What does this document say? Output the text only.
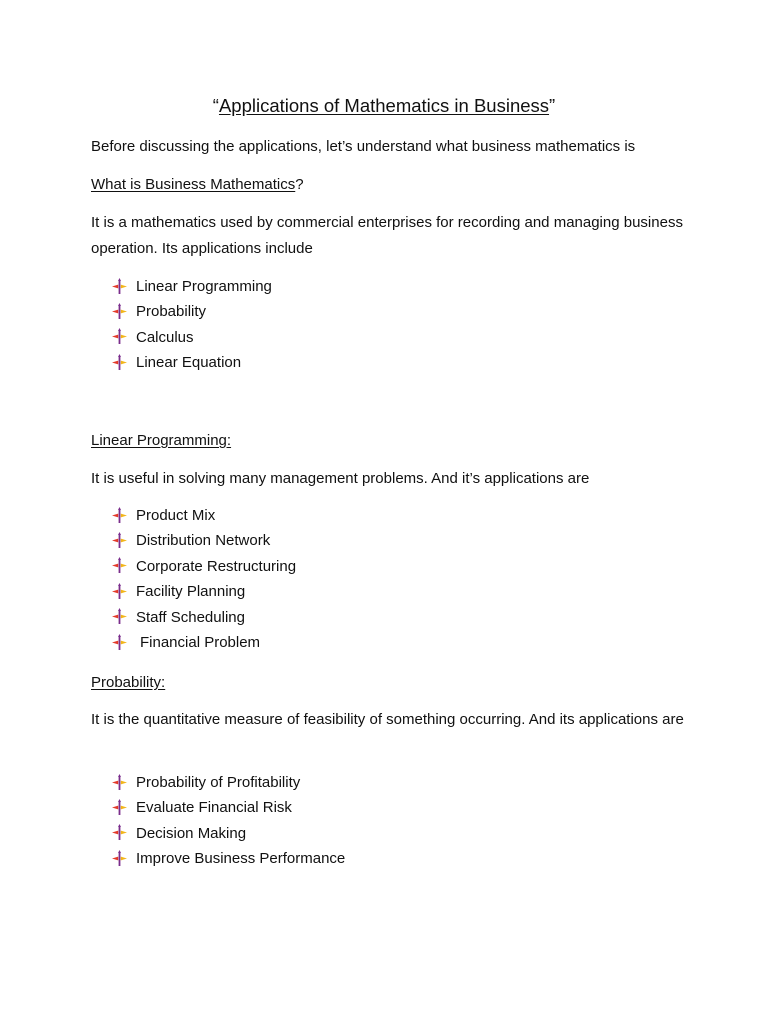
“Applications of Mathematics in Business”
Before discussing the applications, let’s understand what business mathematics is
What is Business Mathematics?
It is a mathematics used by commercial enterprises for recording and managing business operation. Its applications include
Linear Programming
Probability
Calculus
Linear Equation
Linear Programming:
It is useful in solving many management problems. And it’s applications are
Product Mix
Distribution Network
Corporate Restructuring
Facility Planning
Staff Scheduling
Financial Problem
Probability:
It is the quantitative measure of feasibility of something occurring. And its applications are
Probability of Profitability
Evaluate Financial Risk
Decision Making
Improve Business Performance
